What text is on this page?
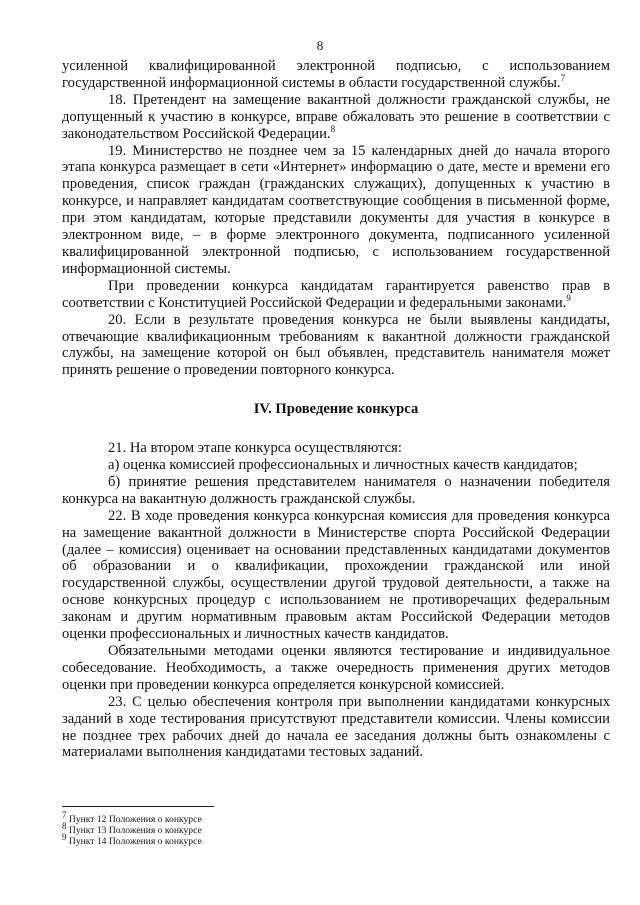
8

усиленной квалифицированной электронной подписью, с использованием государственной информационной системы в области государственной службы.$^7$

18. Претендент на замещение вакантной должности гражданской службы, не допущенный к участию в конкурсе, вправе обжаловать это решение в соответствии с законодательством Российской Федерации.$^8$

19. Министерство не позднее чем за 15 календарных дней до начала второго этапа конкурса размещает в сети «Интернет» информацию о дате, месте и времени его проведения, список граждан (гражданских служащих), допущенных к участию в конкурсе, и направляет кандидатам соответствующие сообщения в письменной форме, при этом кандидатам, которые представили документы для участия в конкурсе в электронном виде, – в форме электронного документа, подписанного усиленной квалифицированной электронной подписью, с использованием государственной информационной системы.

При проведении конкурса кандидатам гарантируется равенство прав в соответствии с Конституцией Российской Федерации и федеральными законами.$^9$

20. Если в результате проведения конкурса не были выявлены кандидаты, отвечающие квалификационным требованиям к вакантной должности гражданской службы, на замещение которой он был объявлен, представитель нанимателя может принять решение о проведении повторного конкурса.

IV. Проведение конкурса

21. На втором этапе конкурса осуществляются:

а) оценка комиссией профессиональных и личностных качеств кандидатов;

б) принятие решения представителем нанимателя о назначении победителя конкурса на вакантную должность гражданской службы.

22. В ходе проведения конкурса конкурсная комиссия для проведения конкурса на замещение вакантной должности в Министерстве спорта Российской Федерации (далее – комиссия) оценивает на основании представленных кандидатами документов об образовании и о квалификации, прохождении гражданской или иной государственной службы, осуществлении другой трудовой деятельности, а также на основе конкурсных процедур с использованием не противоречащих федеральным законам и другим нормативным правовым актам Российской Федерации методов оценки профессиональных и личностных качеств кандидатов.

Обязательными методами оценки являются тестирование и индивидуальное собеседование. Необходимость, а также очередность применения других методов оценки при проведении конкурса определяется конкурсной комиссией.

23. С целью обеспечения контроля при выполнении кандидатами конкурсных заданий в ходе тестирования присутствуют представители комиссии. Члены комиссии не позднее трех рабочих дней до начала ее заседания должны быть ознакомлены с материалами выполнения кандидатами тестовых заданий.

$^7$ Пункт 12 Положения о конкурсе

$^8$ Пункт 13 Положения о конкурсе

$^9$ Пункт 14 Положения о конкурсе
